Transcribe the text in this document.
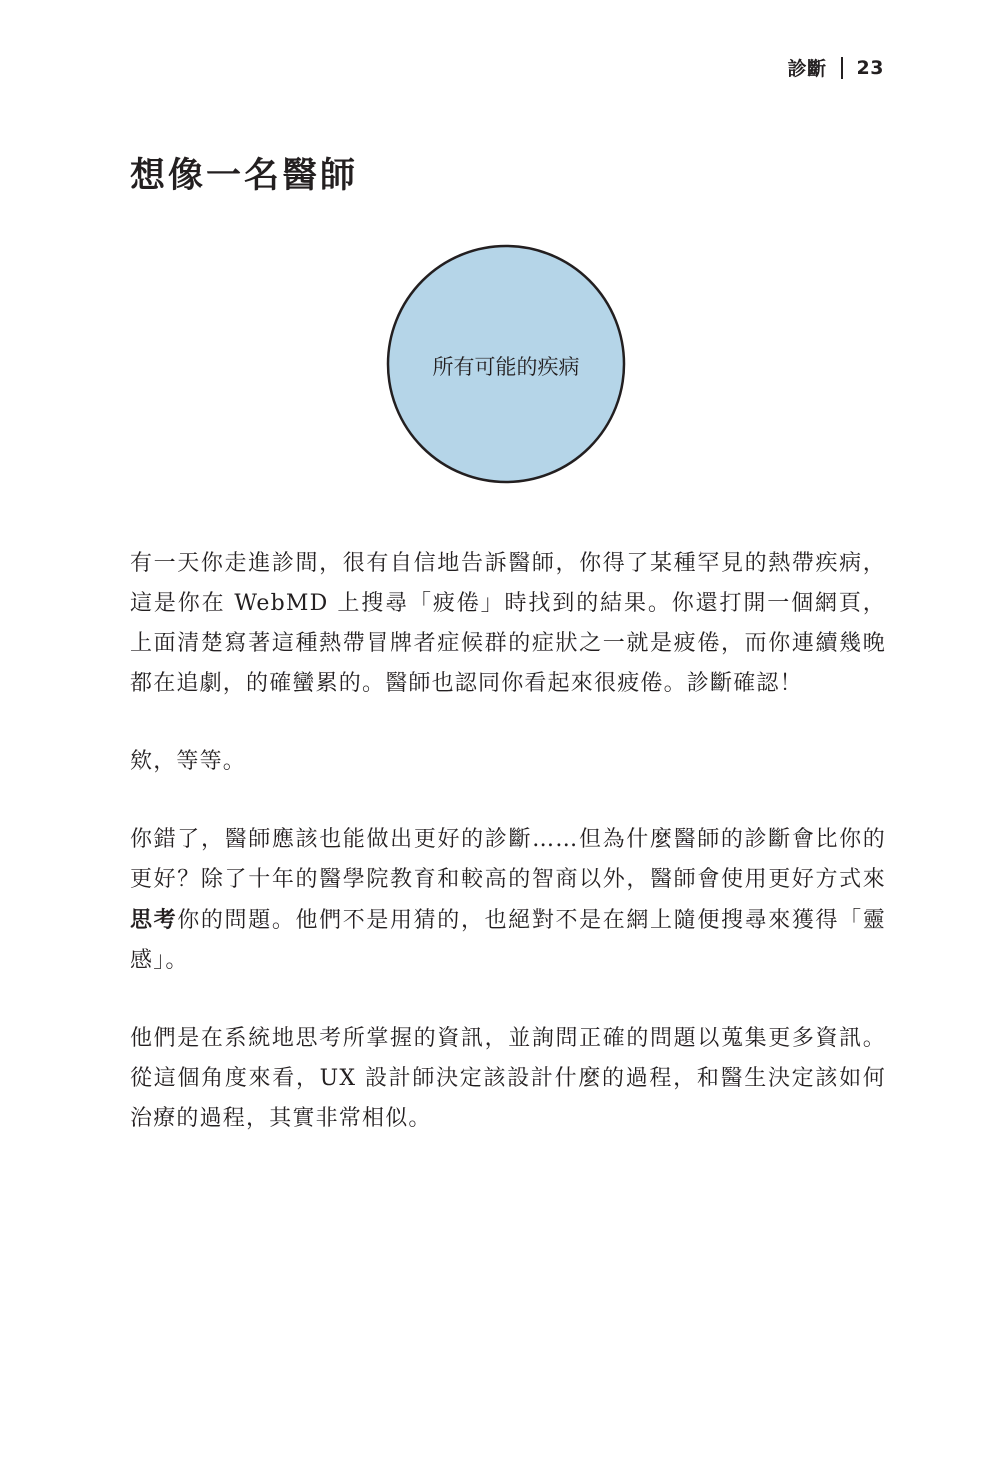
診斷 23
想像一名醫師
所有可能的疾病

有一天你走進診間，很有自信地告訴醫師，你得了某種罕見的熱帶疾病，這是你在 WebMD 上搜尋「疲倦」時找到的結果。你還打開一個網頁，上面清楚寫著這種熱帶冒牌者症候群的症狀之一就是疲倦，而你連續幾晚都在追劇，的確蠻累的。醫師也認同你看起來很疲倦。診斷確認！

欸，等等。

你錯了，醫師應該也能做出更好的診斷……但為什麼醫師的診斷會比你的更好？除了十年的醫學院教育和較高的智商以外，醫師會使用更好方式來思考你的問題。他們不是用猜的，也絕對不是在網上隨便搜尋來獲得「靈感」。

他們是在系統地思考所掌握的資訊，並詢問正確的問題以蒐集更多資訊。從這個角度來看，UX 設計師決定該設計什麼的過程，和醫生決定該如何治療的過程，其實非常相似。
